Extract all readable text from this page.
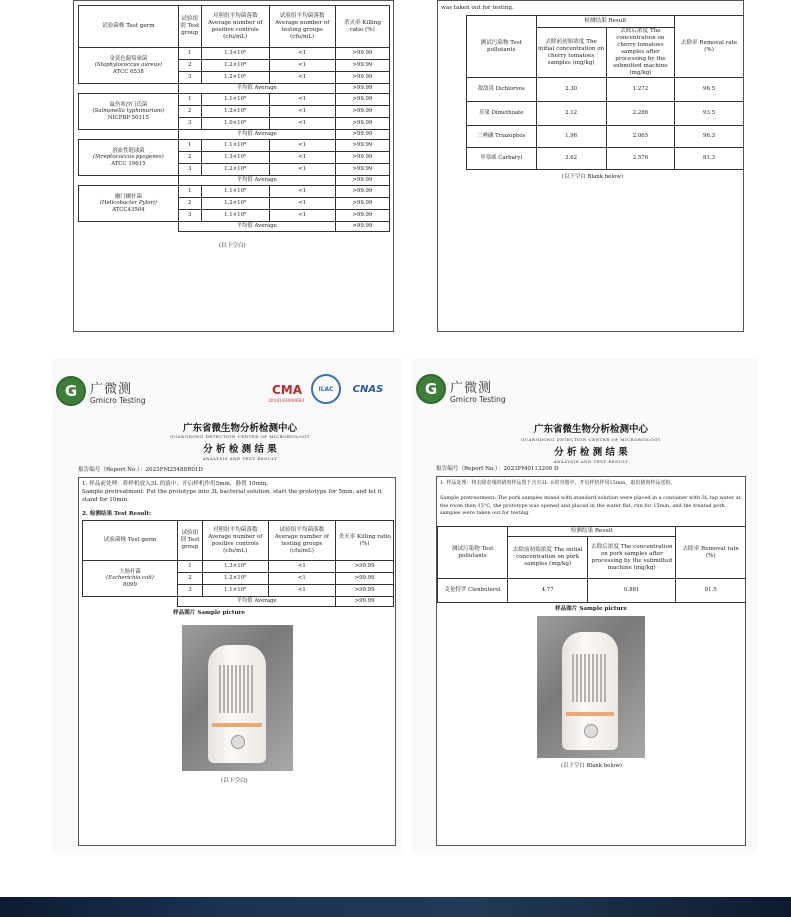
试验菌株 Test germ	试验组别 Test group	对照组平均菌落数 Average number of positive controls (cfu/mL)	试验组平均菌落数 Average number of testing groups (cfu/mL)	杀灭率 Killing ratio (%)
金黄色葡萄球菌
(Staphylococcus aureus)
ATCC 6538	1	1.3×10⁶	<1	>99.99
	2	1.2×10⁶	<1	>99.99
	3	1.2×10⁶	<1	>99.99
	平均值 Average			>99.99
鼠伤寒沙门氏菌
(Salmonella typhimurium)
NICPBP 50115	1	1.1×10⁶	<1	>99.99
	2	1.2×10⁶	<1	>99.99
	3	1.0×10⁶	<1	>99.99
	平均值 Average			>99.99
溶血性链球菌
(Streptococcus pyogenes)
ATCC 19615	1	1.1×10⁶	<1	>99.99
	2	1.3×10⁶	<1	>99.99
	3	1.2×10⁶	<1	>99.99
	平均值 Average			>99.99
幽门螺杆菌
(Helicobacter Pylori)
ATCC43504	1	1.1×10⁶	<1	>99.99
	2	1.2×10⁶	<1	>99.99
	3	1.1×10⁶	<1	>99.99
	平均值 Average			>99.99
(以下空白)
was taken out for testing.
测试污染物 Test pollutants	检测结果 Result		去除率 Removal rate (%)
	去除前初始浓度 The initial concentration on cherry tomatoes samples (mg/kg)	去除后浓度 The concentration on cherry tomatoes samples after processing by the submitted machine (mg/kg)	
敌敌畏 Dichlorvos	2.30	1.272	96.5
乐果 Dimethoate	2.12	2.286	93.5
三唑磷 Triazophos	1.96	2.065	96.3
甲萘威 Carbaryl	3.62	2.576	81.3
(以下空白 Blank below)
G 广微测
Gmicro Testing
CMA
2018193000683
ILAC	CNAS
广东省微生物分析检测中心
GUANGDONG DETECTION CENTER OF MICROBIOLOGY
分 析 检 测 结 果
ANALYSIS AND TEST RESULT
报告编号（Report No.）：2023FM25488R01D
1. 样品前处理：将样机放入3L 的液中，开启样机作用5min，静置 10min。
Sample pretreatment: Put the prototype into 3L bacterial solution, start the prototype for 5min, and let it stand for 10min.
2. 检测结果 Test Result:
试验菌株 Test germ	试验组别 Test group	对照组平均菌落数 Average number of positive controls (cfu/mL)	试验组平均菌落数 Average number of testing groups (cfu/mL)	杀灭率 Killing ratio (%)
大肠杆菌
(Escherichia coli)
8099	1	1.3×10⁶	<1	>99.99
	2	1.2×10⁶	<1	>99.99
	3	1.1×10⁶	<1	>99.99
	平均值 Average			>99.99
样品图片 Sample picture
(以下空白)
G 广微测
Gmicro Testing
广东省微生物分析检测中心
GUANGDONG DETECTION CENTER OF MICROBIOLOGY
分 析 检 测 结 果
ANALYSIS AND TEST RESULT
报告编号（Report No.）：2023FM0113200 D
1. 样品处理：将去除农残的猪肉样品置于含有3L 水的容器中，开启样机作用15min，取出猪肉样品送检。
Sample pretreatment: The pork samples mixed with standard solution were placed in a container with 3L tap water at the room then 15°C, the prototype was opened and placed in the water flat, run for 15min, and the treated pork samples were taken out for testing.
测试污染物 Test pollutants	检测结果 Result		去除率 Removal rate (%)
	去除前初始浓度 The initial concentration on pork samples (mg/kg)	去除后浓度 The concentration on pork samples after processing by the submitted machine (mg/kg)	
克伦特罗 Clenbuterol	4.77	0.881	81.5
样品图片 Sample picture
(以下空白 Blank below)
